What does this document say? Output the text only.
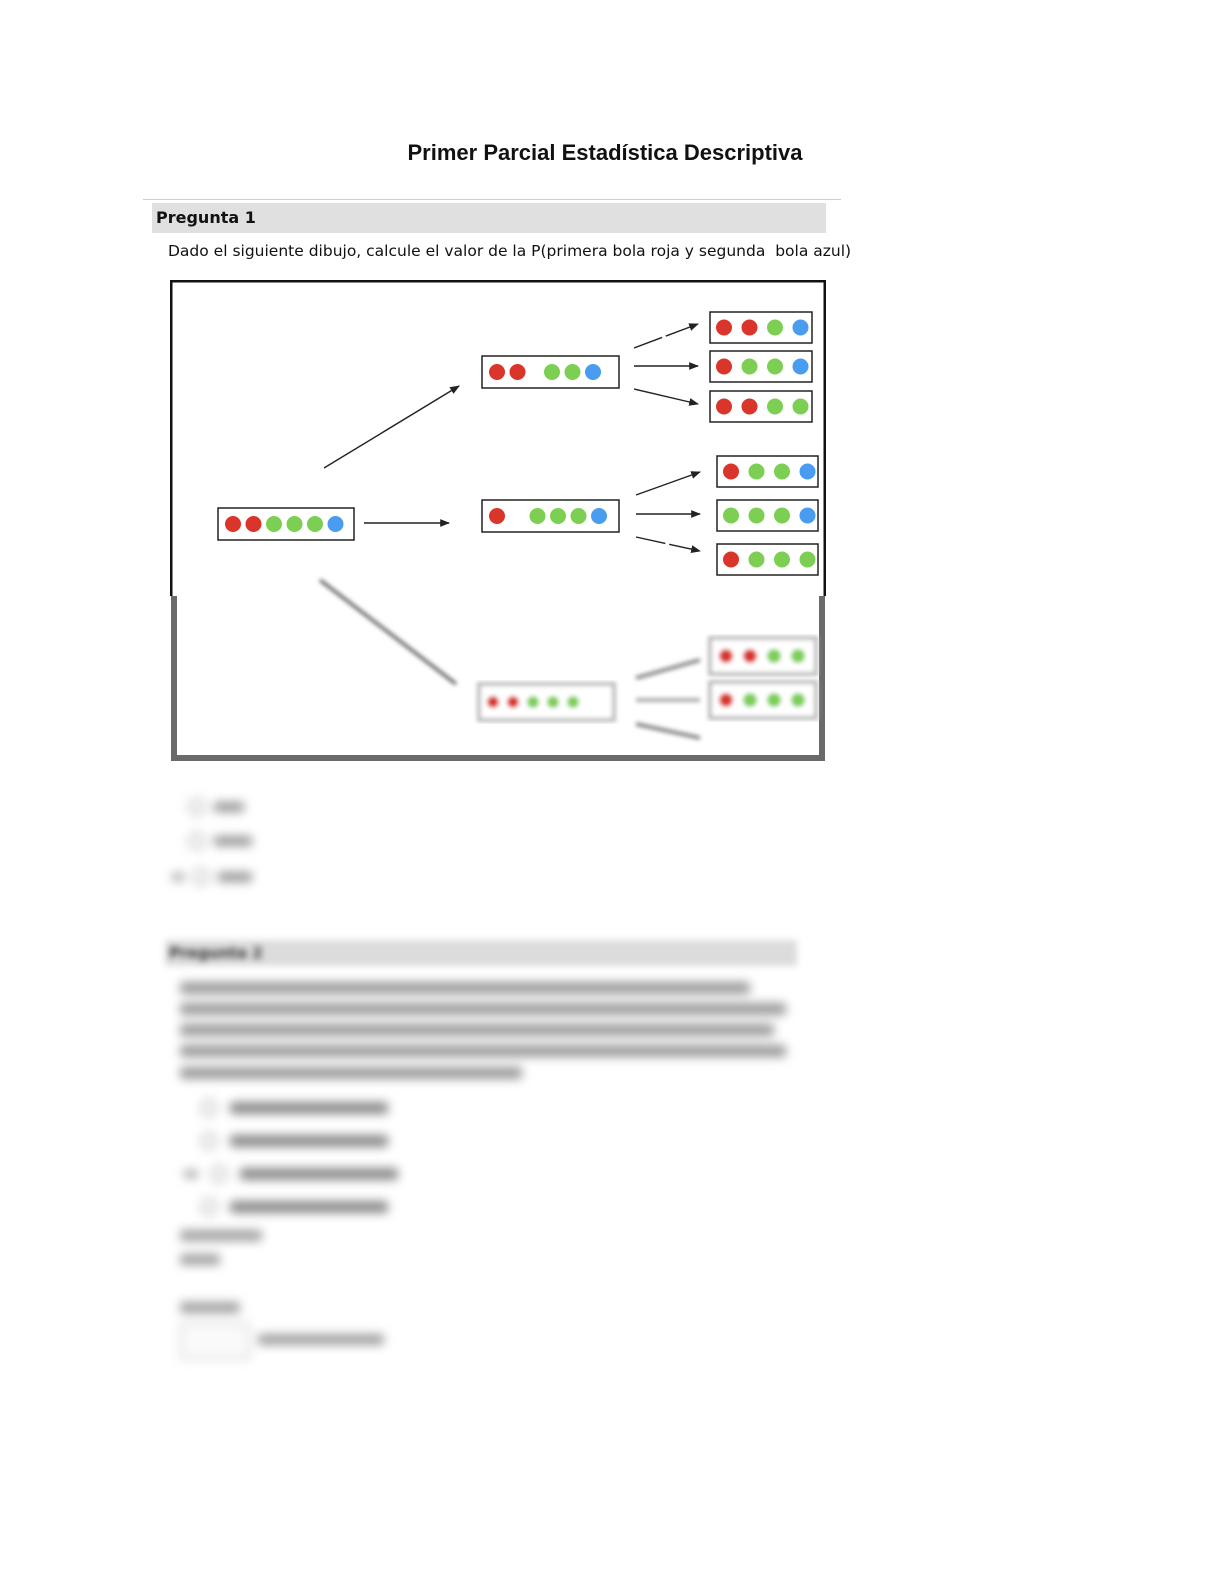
Primer Parcial Estadística Descriptiva
Pregunta 1
Dado el siguiente dibujo, calcule el valor de la P(primera bola roja y segunda  bola azul)
Pregunta 2
